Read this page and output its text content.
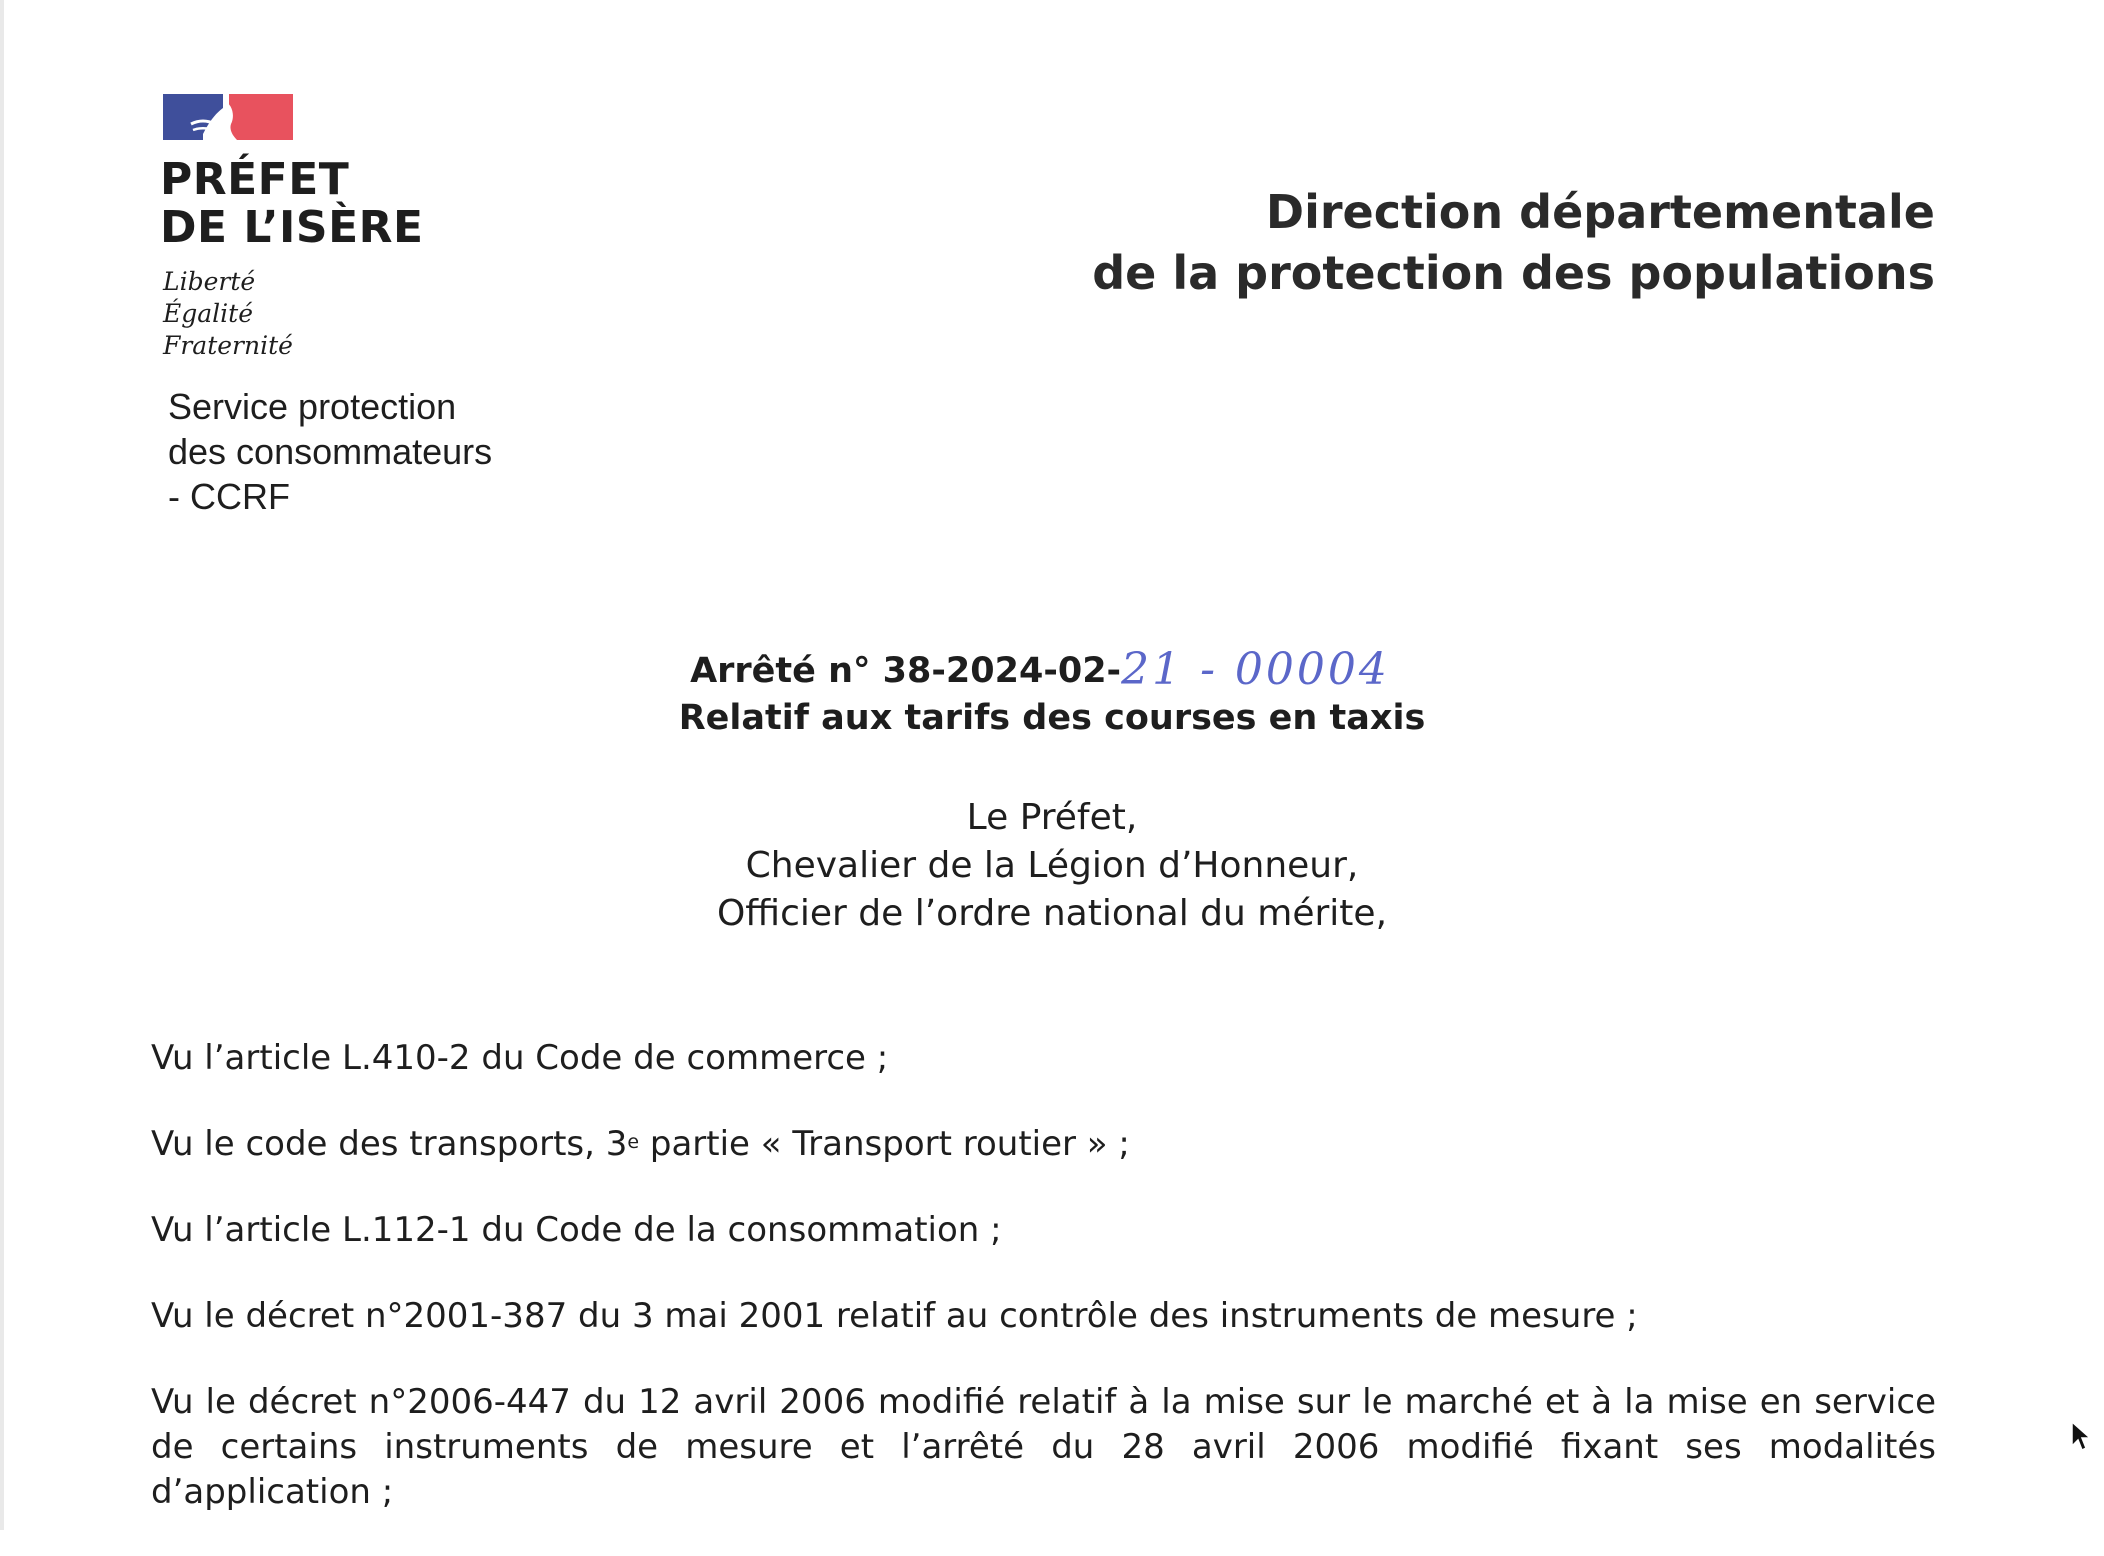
PRÉFET
DE L’ISÈRE
Liberté
Égalité
Fraternité
Service protection
des consommateurs
- CCRF
Direction départementale
de la protection des populations
Arrêté n° 38-2024-02-21 - 00004
Relatif aux tarifs des courses en taxis
Le Préfet,
Chevalier de la Légion d’Honneur,
Officier de l’ordre national du mérite,

Vu l’article L.410-2 du Code de commerce ;

Vu le code des transports, 3e partie « Transport routier » ;

Vu l’article L.112-1 du Code de la consommation ;

Vu le décret n°2001-387 du 3 mai 2001 relatif au contrôle des instruments de mesure ;

Vu le décret n°2006-447 du 12 avril 2006 modifié relatif à la mise sur le marché et à la mise en service de certains instruments de mesure et l’arrêté du 28 avril 2006 modifié fixant ses modalités d’application ;
